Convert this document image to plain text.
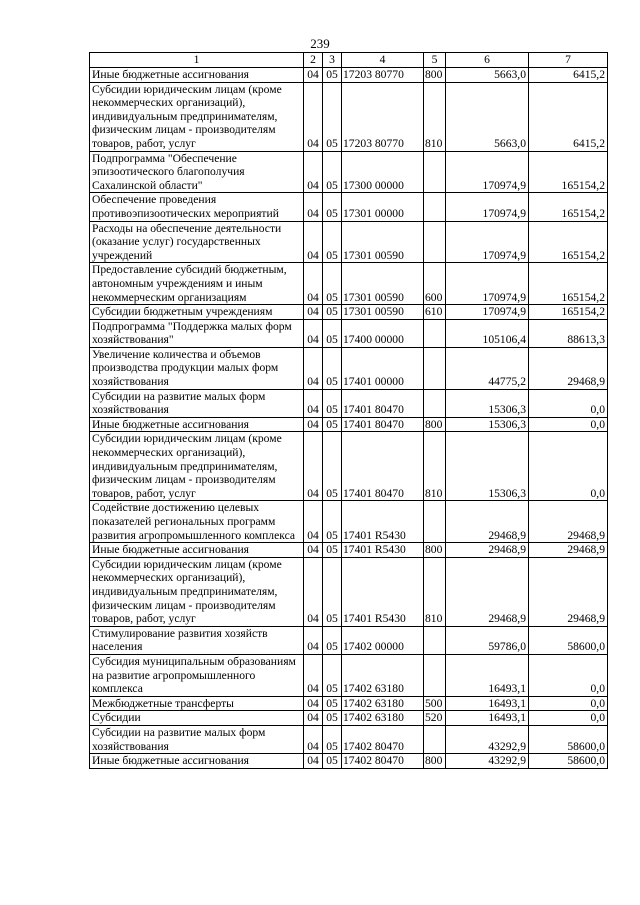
239
1	2	3	4	5	6	7
Иные бюджетные ассигнования	04	05	17203 80770	800	5663,0	6415,2
Субсидии юридическим лицам (кроме некоммерческих организаций), индивидуальным предпринимателям, физическим лицам - производителям товаров, работ, услуг	04	05	17203 80770	810	5663,0	6415,2
Подпрограмма "Обеспечение эпизоотического благополучия Сахалинской области"	04	05	17300 00000		170974,9	165154,2
Обеспечение проведения противоэпизоотических мероприятий	04	05	17301 00000		170974,9	165154,2
Расходы на обеспечение деятельности (оказание услуг) государственных учреждений	04	05	17301 00590		170974,9	165154,2
Предоставление субсидий бюджетным, автономным учреждениям и иным некоммерческим организациям	04	05	17301 00590	600	170974,9	165154,2
Субсидии бюджетным учреждениям	04	05	17301 00590	610	170974,9	165154,2
Подпрограмма "Поддержка малых форм хозяйствования"	04	05	17400 00000		105106,4	88613,3
Увеличение количества и объемов производства продукции малых форм хозяйствования	04	05	17401 00000		44775,2	29468,9
Субсидии на развитие малых форм хозяйствования	04	05	17401 80470		15306,3	0,0
Иные бюджетные ассигнования	04	05	17401 80470	800	15306,3	0,0
Субсидии юридическим лицам (кроме некоммерческих организаций), индивидуальным предпринимателям, физическим лицам - производителям товаров, работ, услуг	04	05	17401 80470	810	15306,3	0,0
Содействие достижению целевых показателей региональных программ развития агропромышленного комплекса	04	05	17401 R5430		29468,9	29468,9
Иные бюджетные ассигнования	04	05	17401 R5430	800	29468,9	29468,9
Субсидии юридическим лицам (кроме некоммерческих организаций), индивидуальным предпринимателям, физическим лицам - производителям товаров, работ, услуг	04	05	17401 R5430	810	29468,9	29468,9
Стимулирование развития хозяйств населения	04	05	17402 00000		59786,0	58600,0
Субсидия муниципальным образованиям на развитие агропромышленного комплекса	04	05	17402 63180		16493,1	0,0
Межбюджетные трансферты	04	05	17402 63180	500	16493,1	0,0
Субсидии	04	05	17402 63180	520	16493,1	0,0
Субсидии на развитие малых форм хозяйствования	04	05	17402 80470		43292,9	58600,0
Иные бюджетные ассигнования	04	05	17402 80470	800	43292,9	58600,0
